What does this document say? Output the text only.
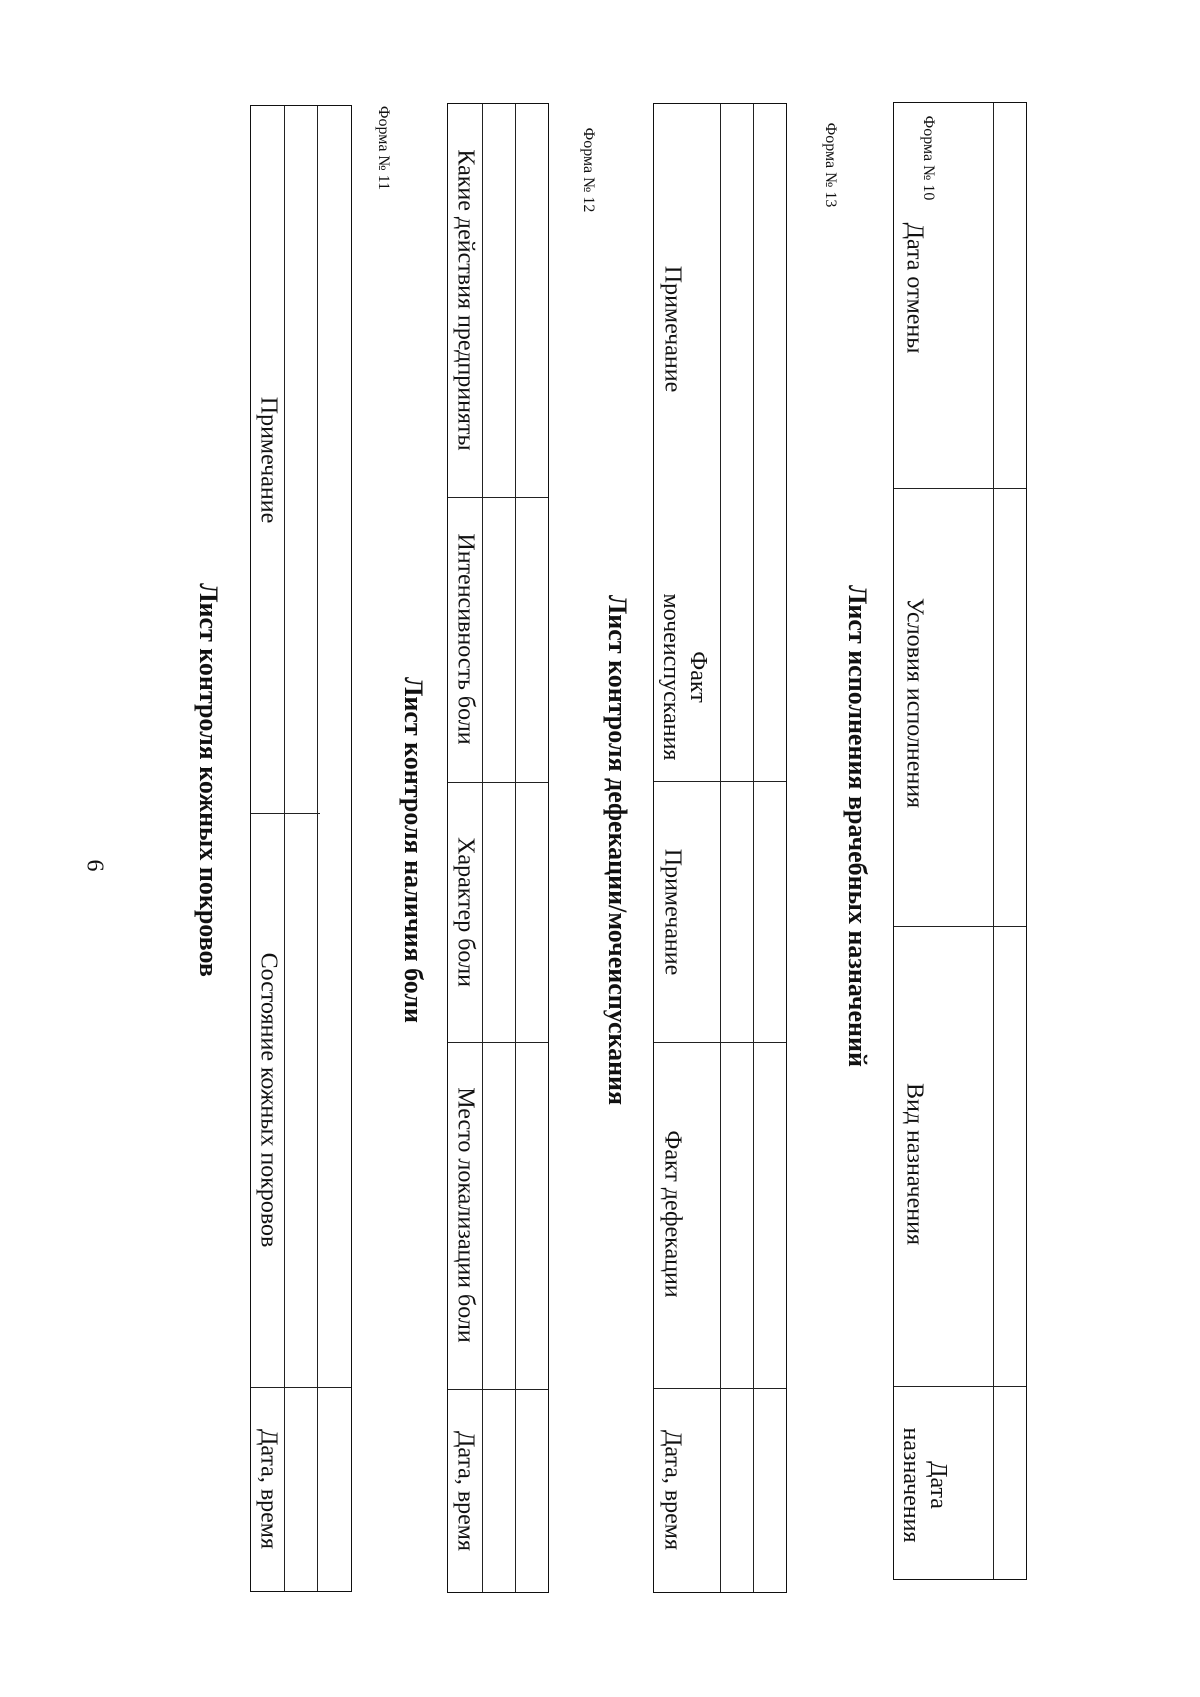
6
Форма № 10
Лист контроля кожных покровов
Примечание
Состояние кожных покровов
Дата, время
Форма № 11
Лист контроля наличия боли
Какие действия предприняты
Интенсивность боли
Характер боли
Место локализации боли
Дата, время
Форма № 12
Лист контроля дефекации/мочеиспускания
Примечание
Факт мочеиспускания
Примечание
Факт дефекации
Дата, время
Форма № 13
Лист исполнения врачебных назначений
Дата отмены
Условия исполнения
Вид назначения
Дата назначения
